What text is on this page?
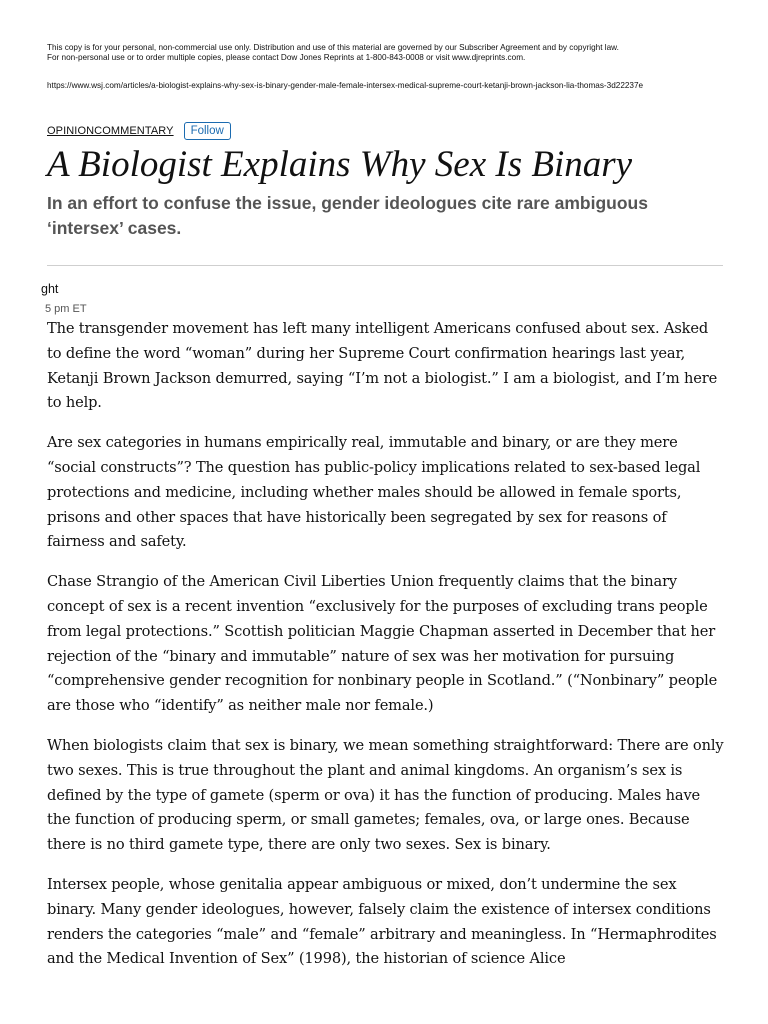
This copy is for your personal, non-commercial use only. Distribution and use of this material are governed by our Subscriber Agreement and by copyright law.
For non-personal use or to order multiple copies, please contact Dow Jones Reprints at 1-800-843-0008 or visit www.djreprints.com.
https://www.wsj.com/articles/a-biologist-explains-why-sex-is-binary-gender-male-female-intersex-medical-supreme-court-ketanji-brown-jackson-lia-thomas-3d22237e
OPINIONCOMMENTARY	Follow
A Biologist Explains Why Sex Is Binary
In an effort to confuse the issue, gender ideologues cite rare ambiguous ‘intersex’ cases.
ght
5 pm ET

The transgender movement has left many intelligent Americans confused about sex. Asked to define the word “woman” during her Supreme Court confirmation hearings last year, Ketanji Brown Jackson demurred, saying “I’m not a biologist.” I am a biologist, and I’m here to help.

Are sex categories in humans empirically real, immutable and binary, or are they mere “social constructs”? The question has public-policy implications related to sex-based legal protections and medicine, including whether males should be allowed in female sports, prisons and other spaces that have historically been segregated by sex for reasons of fairness and safety.

Chase Strangio of the American Civil Liberties Union frequently claims that the binary concept of sex is a recent invention “exclusively for the purposes of excluding trans people from legal protections.” Scottish politician Maggie Chapman asserted in December that her rejection of the “binary and immutable” nature of sex was her motivation for pursuing “comprehensive gender recognition for nonbinary people in Scotland.” (“Nonbinary” people are those who “identify” as neither male nor female.)

When biologists claim that sex is binary, we mean something straightforward: There are only two sexes. This is true throughout the plant and animal kingdoms. An organism’s sex is defined by the type of gamete (sperm or ova) it has the function of producing. Males have the function of producing sperm, or small gametes; females, ova, or large ones. Because there is no third gamete type, there are only two sexes. Sex is binary.

Intersex people, whose genitalia appear ambiguous or mixed, don’t undermine the sex binary. Many gender ideologues, however, falsely claim the existence of intersex conditions renders the categories “male” and “female” arbitrary and meaningless. In “Hermaphrodites and the Medical Invention of Sex” (1998), the historian of science Alice
